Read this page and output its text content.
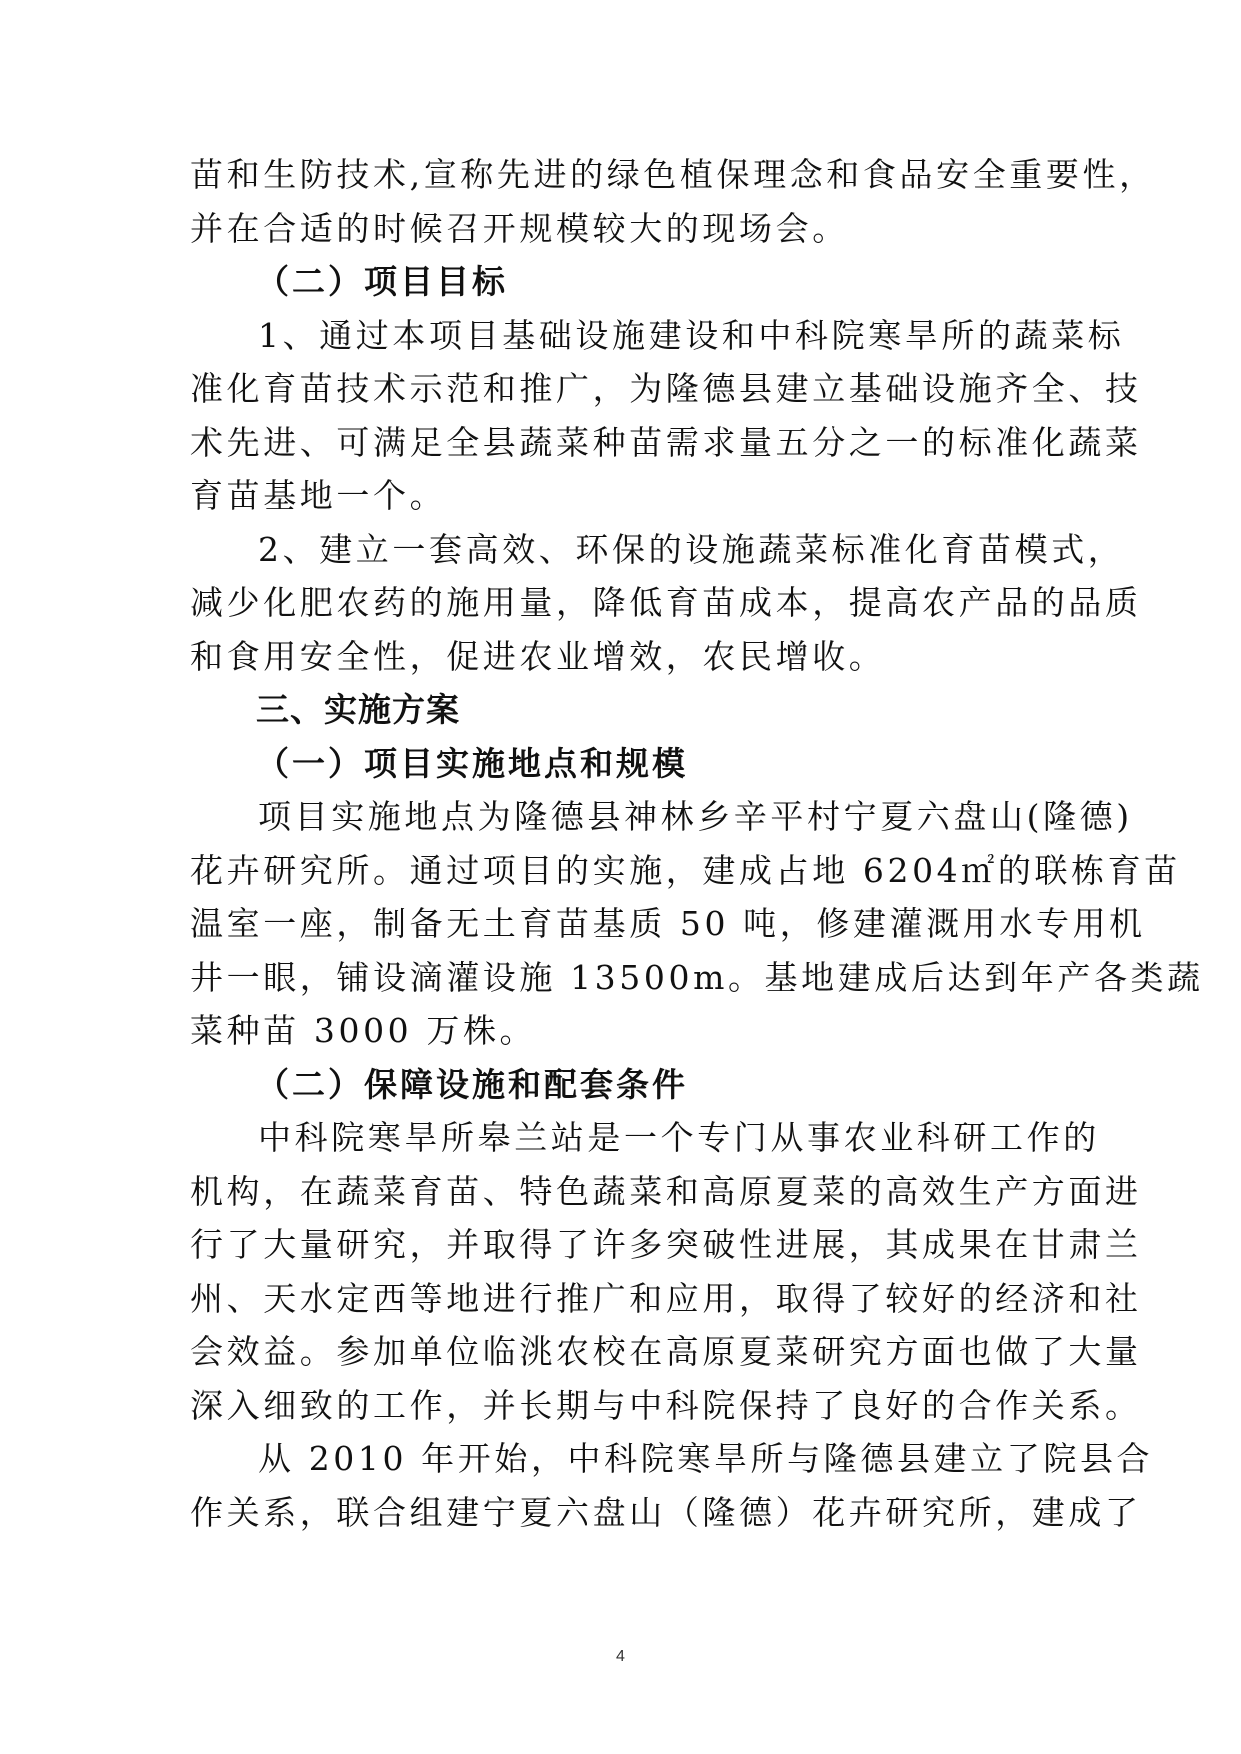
苗和生防技术,宣称先进的绿色植保理念和食品安全重要性，
并在合适的时候召开规模较大的现场会。
（二）项目目标
1、通过本项目基础设施建设和中科院寒旱所的蔬菜标
准化育苗技术示范和推广，为隆德县建立基础设施齐全、技
术先进、可满足全县蔬菜种苗需求量五分之一的标准化蔬菜
育苗基地一个。
2、建立一套高效、环保的设施蔬菜标准化育苗模式，
减少化肥农药的施用量，降低育苗成本，提高农产品的品质
和食用安全性，促进农业增效，农民增收。
三、实施方案
（一）项目实施地点和规模
项目实施地点为隆德县神林乡辛平村宁夏六盘山(隆德)
花卉研究所。通过项目的实施，建成占地 6204㎡的联栋育苗
温室一座，制备无土育苗基质 50 吨，修建灌溉用水专用机
井一眼，铺设滴灌设施 13500m。基地建成后达到年产各类蔬
菜种苗 3000 万株。
（二）保障设施和配套条件
中科院寒旱所皋兰站是一个专门从事农业科研工作的
机构，在蔬菜育苗、特色蔬菜和高原夏菜的高效生产方面进
行了大量研究，并取得了许多突破性进展，其成果在甘肃兰
州、天水定西等地进行推广和应用，取得了较好的经济和社
会效益。参加单位临洮农校在高原夏菜研究方面也做了大量
深入细致的工作，并长期与中科院保持了良好的合作关系。
从 2010 年开始，中科院寒旱所与隆德县建立了院县合
作关系，联合组建宁夏六盘山（隆德）花卉研究所，建成了
4
